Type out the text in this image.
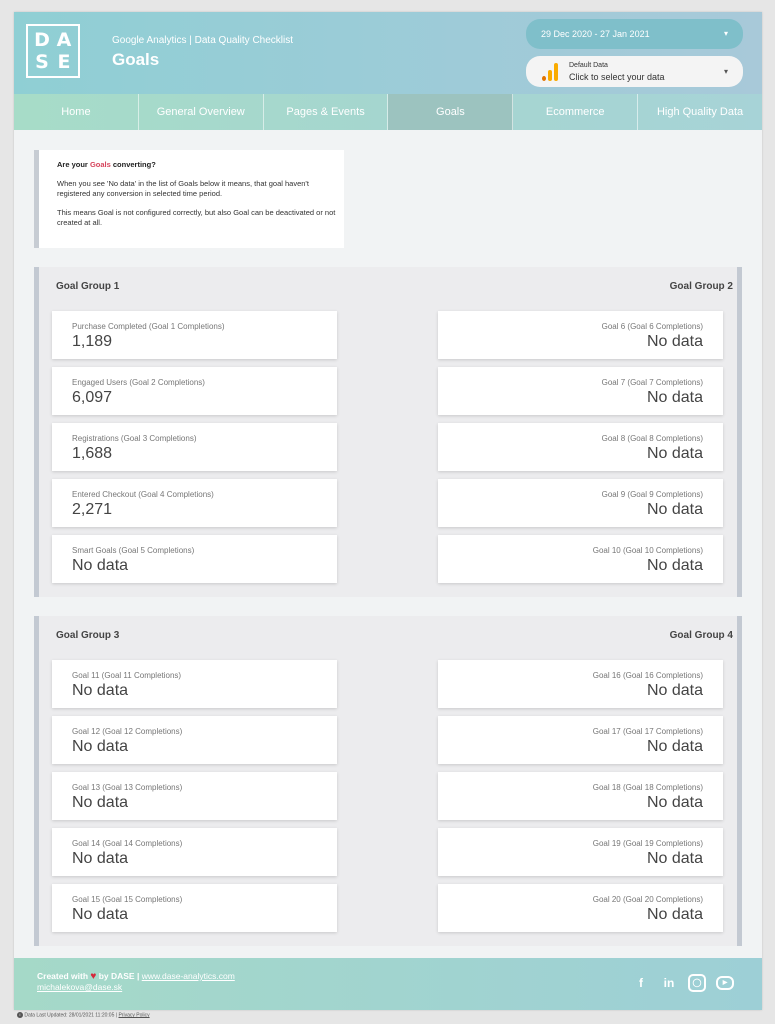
D A
S E
Google Analytics | Data Quality Checklist
Goals
29 Dec 2020 - 27 Jan 2021	▾
Default Data
Click to select your data
▾
Home	General Overview	Pages & Events	Goals	Ecommerce	High Quality Data

Are your Goals converting?

When you see 'No data' in the list of Goals below it means, that goal haven't registered any conversion in selected time period.

This means Goal is not configured correctly, but also Goal can be deactivated or not created at all.

Goal Group 1	Goal Group 2
Purchase Completed (Goal 1 Completions)
1,189
Engaged Users (Goal 2 Completions)
6,097
Registrations (Goal 3 Completions)
1,688
Entered Checkout (Goal 4 Completions)
2,271
Smart Goals (Goal 5 Completions)
No data
Goal 6 (Goal 6 Completions)
No data
Goal 7 (Goal 7 Completions)
No data
Goal 8 (Goal 8 Completions)
No data
Goal 9 (Goal 9 Completions)
No data
Goal 10 (Goal 10 Completions)
No data
Goal Group 3	Goal Group 4
Goal 11 (Goal 11 Completions)
No data
Goal 12 (Goal 12 Completions)
No data
Goal 13 (Goal 13 Completions)
No data
Goal 14 (Goal 14 Completions)
No data
Goal 15 (Goal 15 Completions)
No data
Goal 16 (Goal 16 Completions)
No data
Goal 17 (Goal 17 Completions)
No data
Goal 18 (Goal 18 Completions)
No data
Goal 19 (Goal 19 Completions)
No data
Goal 20 (Goal 20 Completions)
No data
Created with ♥ by DASE | www.dase-analytics.com
michalekova@dase.sk	f	in	◯	▶
i Data Last Updated: 28/01/2021 11:20:05 | Privacy Policy
